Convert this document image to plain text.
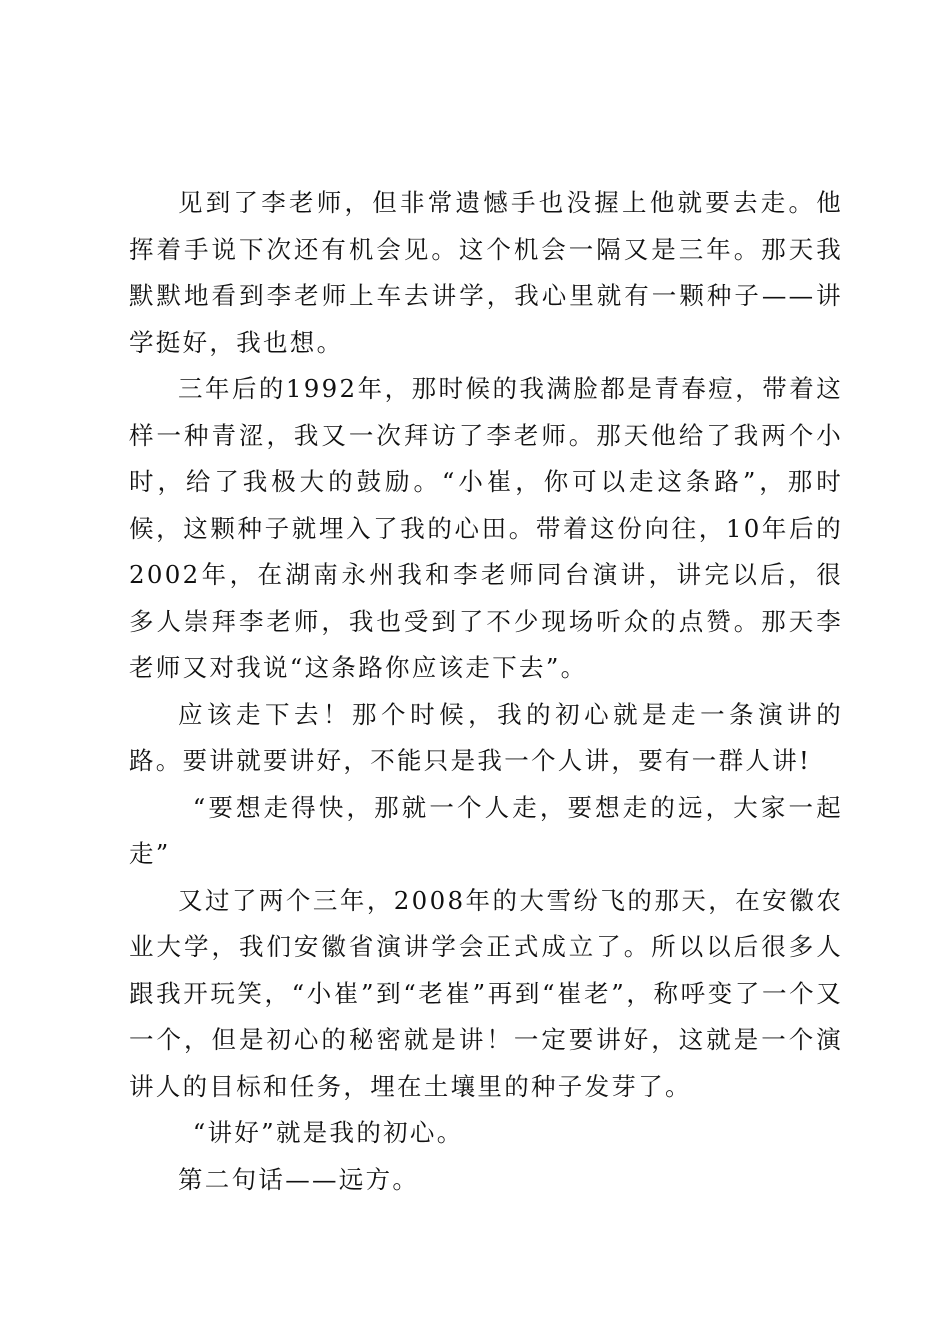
见到了李老师，但非常遗憾手也没握上他就要去走。他挥着手说下次还有机会见。这个机会一隔又是三年。那天我默默地看到李老师上车去讲学，我心里就有一颗种子——讲学挺好，我也想。

三年后的1992年，那时候的我满脸都是青春痘，带着这样一种青涩，我又一次拜访了李老师。那天他给了我两个小时，给了我极大的鼓励。“小崔，你可以走这条路”，那时候，这颗种子就埋入了我的心田。带着这份向往，10年后的2002年，在湖南永州我和李老师同台演讲，讲完以后，很多人崇拜李老师，我也受到了不少现场听众的点赞。那天李老师又对我说“这条路你应该走下去”。

应该走下去！那个时候，我的初心就是走一条演讲的路。要讲就要讲好，不能只是我一个人讲，要有一群人讲!

“要想走得快，那就一个人走，要想走的远，大家一起走”

又过了两个三年，2008年的大雪纷飞的那天，在安徽农业大学，我们安徽省演讲学会正式成立了。所以以后很多人跟我开玩笑，“小崔”到“老崔”再到“崔老”，称呼变了一个又一个，但是初心的秘密就是讲！一定要讲好，这就是一个演讲人的目标和任务，埋在土壤里的种子发芽了。

“讲好”就是我的初心。

第二句话——远方。
